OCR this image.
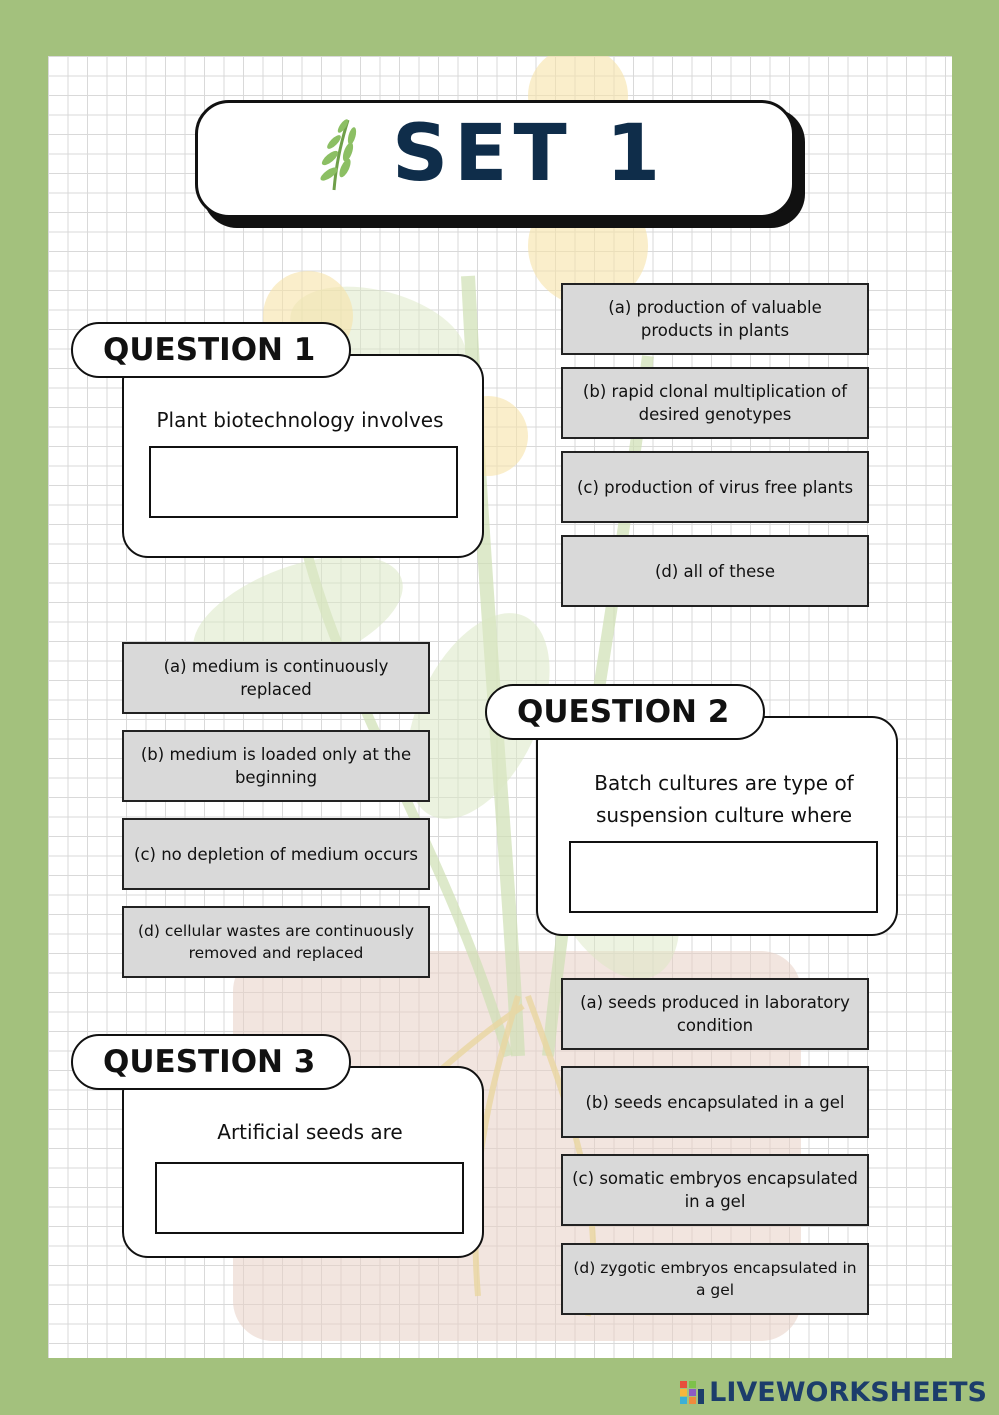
SET 1
QUESTION 1
Plant biotechnology involves
(a) production of valuable products in plants
(b) rapid clonal multiplication of desired genotypes
(c) production of virus free plants
(d) all of these
(a) medium is continuously replaced
(b) medium is loaded only at the beginning
(c) no depletion of medium occurs
(d) cellular wastes are continuously removed and replaced
QUESTION 2
Batch cultures are type of suspension culture where
(a) seeds produced in laboratory condition
(b) seeds encapsulated in a gel
(c) somatic embryos encapsulated in a gel
(d) zygotic embryos encapsulated in a gel
QUESTION 3
Artificial seeds are
LIVEWORKSHEETS
